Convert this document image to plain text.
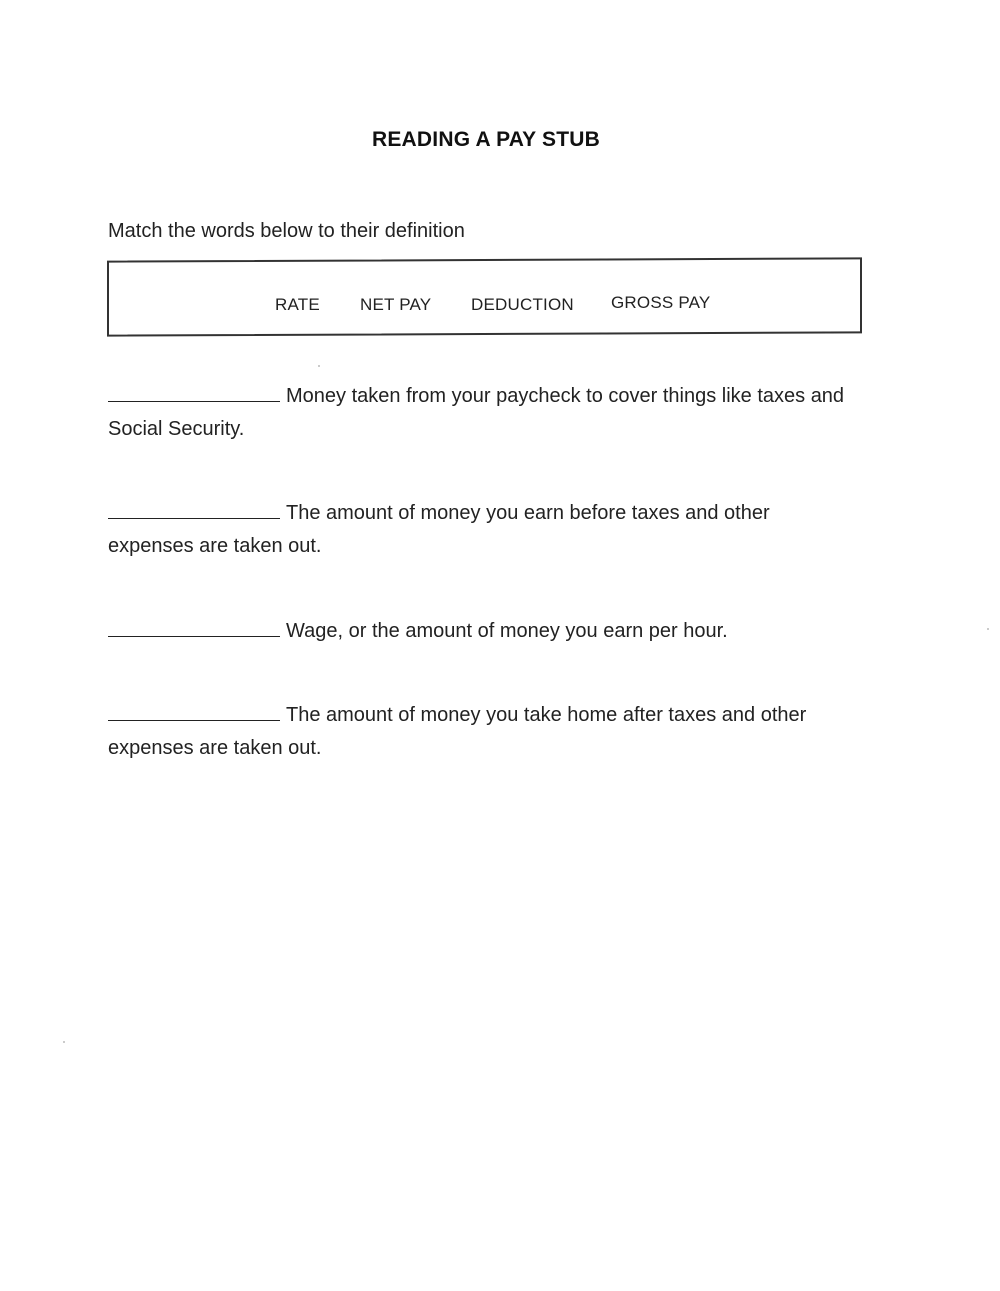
READING A PAY STUB
Match the words below to their definition
RATE NET PAY DEDUCTION GROSS PAY
Money taken from your paycheck to cover things like taxes and
Social Security.
The amount of money you earn before taxes and other
expenses are taken out.
Wage, or the amount of money you earn per hour.
The amount of money you take home after taxes and other
expenses are taken out.
